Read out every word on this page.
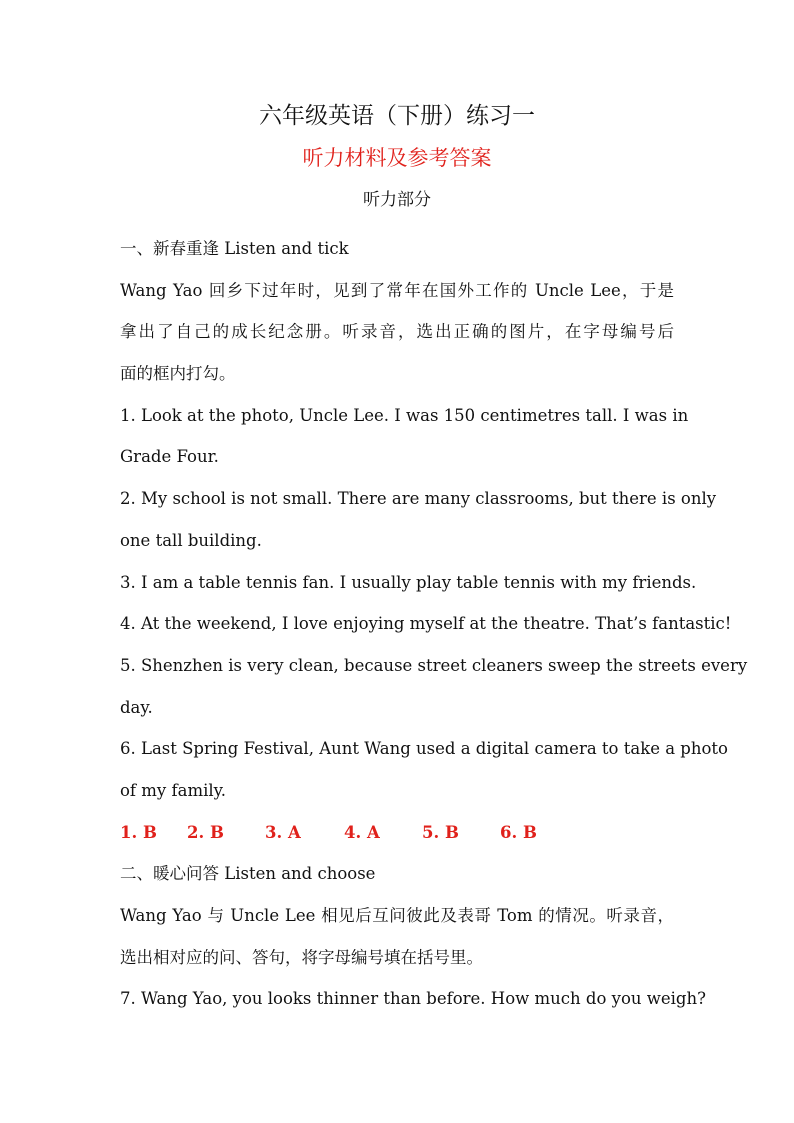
六年级英语（下册）练习一
听力材料及参考答案
听力部分
一、新春重逢 Listen and tick
Wang Yao 回乡下过年时，见到了常年在国外工作的 Uncle Lee，于是
拿出了自己的成长纪念册。听录音，选出正确的图片，在字母编号后
面的框内打勾。
1. Look at the photo, Uncle Lee. I was 150 centimetres tall. I was in
Grade Four.
2. My school is not small. There are many classrooms, but there is only
one tall building.
3. I am a table tennis fan. I usually play table tennis with my friends.
4. At the weekend, I love enjoying myself at the theatre. That’s fantastic!
5. Shenzhen is very clean, because street cleaners sweep the streets every
day.
6. Last Spring Festival, Aunt Wang used a digital camera to take a photo
of my family.
1. B 2. B 3. A	4. A	5. B 6. B
二、暖心问答 Listen and choose
Wang Yao 与 Uncle Lee 相见后互问彼此及表哥 Tom 的情况。听录音，
选出相对应的问、答句，将字母编号填在括号里。
7. Wang Yao, you looks thinner than before. How much do you weigh?
